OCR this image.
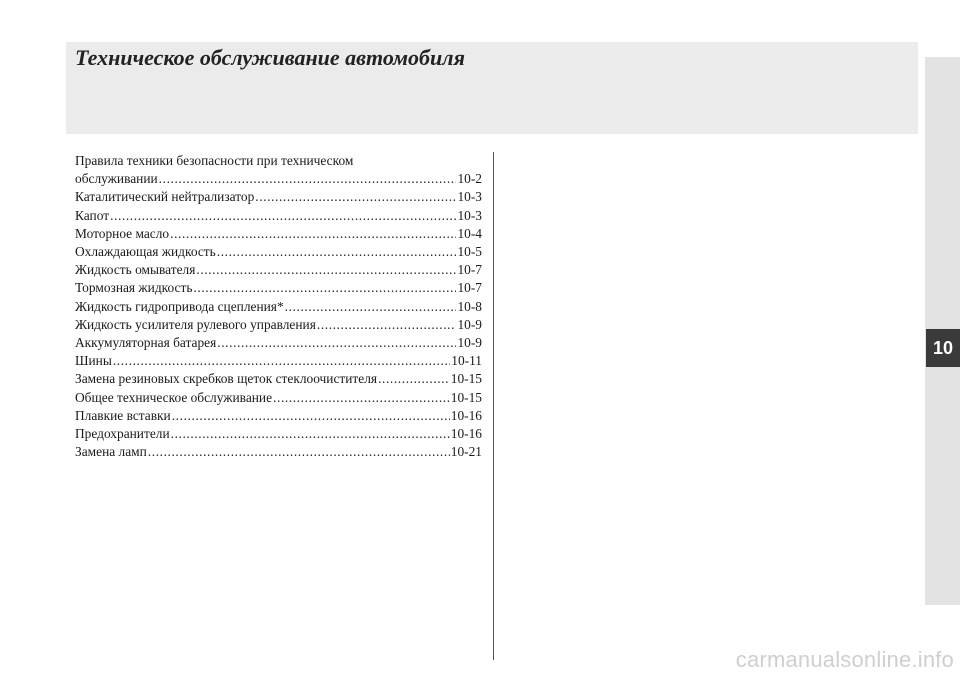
Техническое обслуживание автомобиля
10
Правила техники безопасности при техническом
обслуживании .....	10-2
Каталитический нейтрализатор .....	10-3
Капот .....	10-3
Моторное масло .....	10-4
Охлаждающая жидкость .....	10-5
Жидкость омывателя .....	10-7
Тормозная жидкость .....	10-7
Жидкость гидропривода сцепления* .....	10-8
Жидкость усилителя рулевого управления .....	10-9
Аккумуляторная батарея .....	10-9
Шины .....	10-11
Замена резиновых скребков щеток стеклоочистителя .....	10-15
Общее техническое обслуживание .....	10-15
Плавкие вставки .....	10-16
Предохранители .....	10-16
Замена ламп .....	10-21
carmanualsonline.info
